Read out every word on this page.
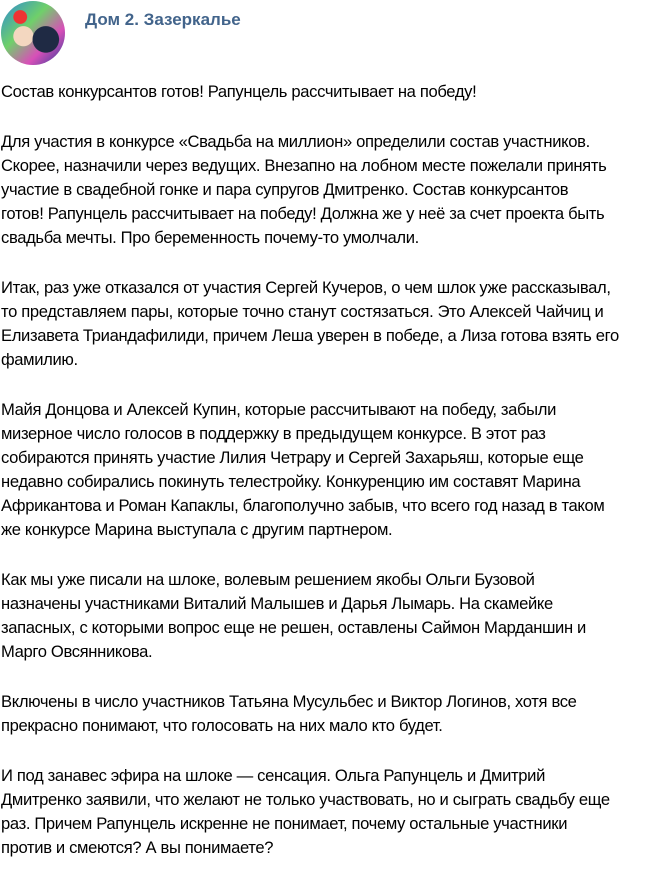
Дом 2. Зазеркалье
Состав конкурсантов готов! Рапунцель рассчитывает на победу!
Для участия в конкурсе «Свадьба на миллион» определили состав участников.
Скорее, назначили через ведущих. Внезапно на лобном месте пожелали принять
участие в свадебной гонке и пара супругов Дмитренко. Состав конкурсантов
готов! Рапунцель рассчитывает на победу! Должна же у неё за счет проекта быть
свадьба мечты. Про беременность почему-то умолчали.
Итак, раз уже отказался от участия Сергей Кучеров, о чем шлок уже рассказывал,
то представляем пары, которые точно станут состязаться. Это Алексей Чайчиц и
Елизавета Триандафилиди, причем Леша уверен в победе, а Лиза готова взять его
фамилию.
Майя Донцова и Алексей Купин, которые рассчитывают на победу, забыли
мизерное число голосов в поддержку в предыдущем конкурсе. В этот раз
собираются принять участие Лилия Четрару и Сергей Захарьяш, которые еще
недавно собирались покинуть телестройку. Конкуренцию им составят Марина
Африкантова и Роман Капаклы, благополучно забыв, что всего год назад в таком
же конкурсе Марина выступала с другим партнером.
Как мы уже писали на шлоке, волевым решением якобы Ольги Бузовой
назначены участниками Виталий Малышев и Дарья Лымарь. На скамейке
запасных, с которыми вопрос еще не решен, оставлены Саймон Марданшин и
Марго Овсянникова.
Включены в число участников Татьяна Мусульбес и Виктор Логинов, хотя все
прекрасно понимают, что голосовать на них мало кто будет.
И под занавес эфира на шлоке — сенсация. Ольга Рапунцель и Дмитрий
Дмитренко заявили, что желают не только участвовать, но и сыграть свадьбу еще
раз. Причем Рапунцель искренне не понимает, почему остальные участники
против и смеются? А вы понимаете?
